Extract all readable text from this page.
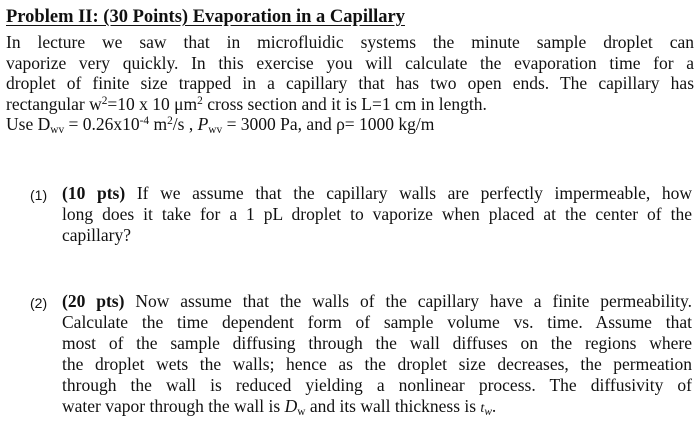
Problem II: (30 Points) Evaporation in a Capillary
In lecture we saw that in microfluidic systems the minute sample droplet can
vaporize very quickly. In this exercise you will calculate the evaporation time for a
droplet of finite size trapped in a capillary that has two open ends. The capillary has
rectangular $w^2=10$ x 10 $\mu m^2$ cross section and it is L=1 cm in length.
Use $D_{wv} = 0.26x10^{-4}$ $m^2/s$ , $P_{wv} = 3000$ Pa, and ρ= 1000 kg/m
(1) (10 pts) If we assume that the capillary walls are perfectly impermeable, how
long does it take for a 1 pL droplet to vaporize when placed at the center of the
capillary?
(2) (20 pts) Now assume that the walls of the capillary have a finite permeability.
Calculate the time dependent form of sample volume vs. time. Assume that
most of the sample diffusing through the wall diffuses on the regions where
the droplet wets the walls; hence as the droplet size decreases, the permeation
through the wall is reduced yielding a nonlinear process. The diffusivity of
water vapor through the wall is $D_w$ and its wall thickness is $t_w$.
